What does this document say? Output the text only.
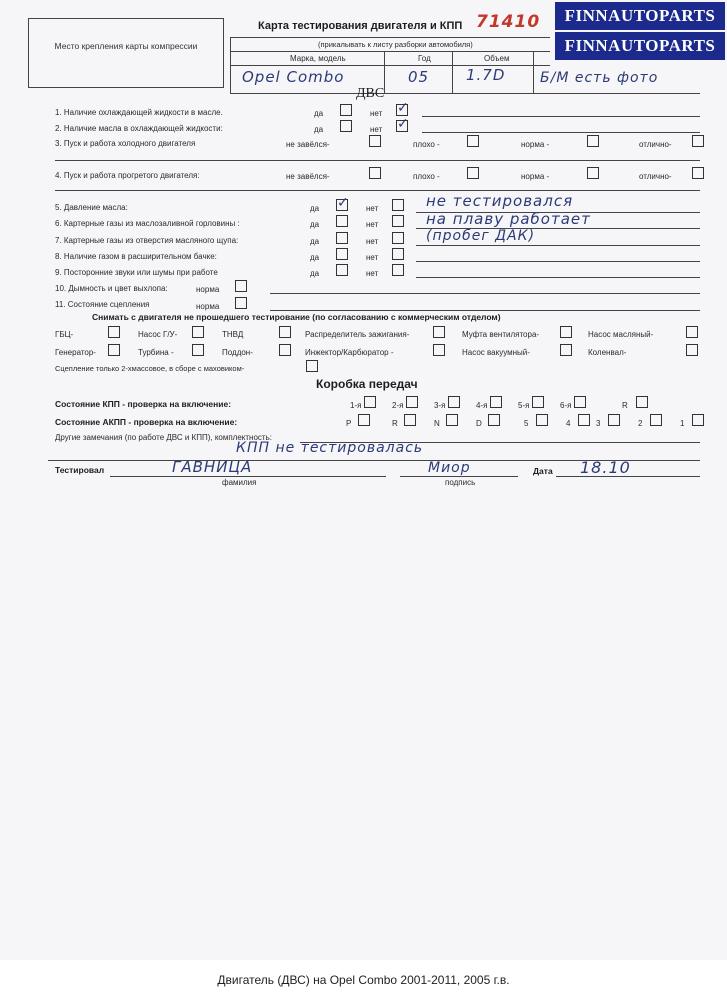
Место крепления карты компрессии
Карта тестирования двигателя и КПП 71410	FINNAUTOPARTS
FINNAUTOPARTS
(прикалывать к листу разборки автомобиля)
Марка, модель	Год	Объем
Opel Combo	05 1.7D Б/М есть фото
ДВС
1. Наличие охлаждающей жидкости в масле.	да	нет ✓
2. Наличие масла в охлаждающей жидкости:	да	нет ✓
3. Пуск и работа холодного двигателя	не завёлся-	плохо -	норма -	отлично-
4. Пуск и работа прогретого двигателя:	не завёлся-	плохо -	норма -	отлично-
5. Давление масла:	да ✓ нет	не тестировался
6. Картерные газы из маслозаливной горловины :	да	нет	на плаву работает
7. Картерные газы из отверстия масляного щупа:	да	нет	(пробег ДАК)
8. Наличие газом в расширительном бачке:	да	нет
9. Посторонние звуки или шумы при работе	да	нет
10. Дымность и цвет выхлопа:	норма
11. Состояние сцепления	норма
Снимать с двигателя не прошедшего тестирование (по согласованию с коммерческим отделом)
ГБЦ-	Насос Г/У-	ТНВД	Распределитель зажигания-	Муфта вентилятора-	Насос масляный-
Генератор-	Турбина -	Поддон-	Инжектор/Карбюратор -	Насос вакуумный-	Коленвал-
Сцепление только 2-хмассовое, в сборе с маховиком-
Коробка передач
Состояние КПП - проверка на включение:	1-я	2-я	3-я	4-я	5-я	6-я	R
Состояние АКПП - проверка на включение:	P	R	N	D	5	4	3	2	1
Другие замечания (по работе ДВС и КПП), комплектность:
КПП не тестировалась
Тестировал	ГАВНИЦА
фамилия
Миор
подпись
Дата 18.10
Двигатель (ДВС) на Opel Combo 2001-2011, 2005 г.в.
